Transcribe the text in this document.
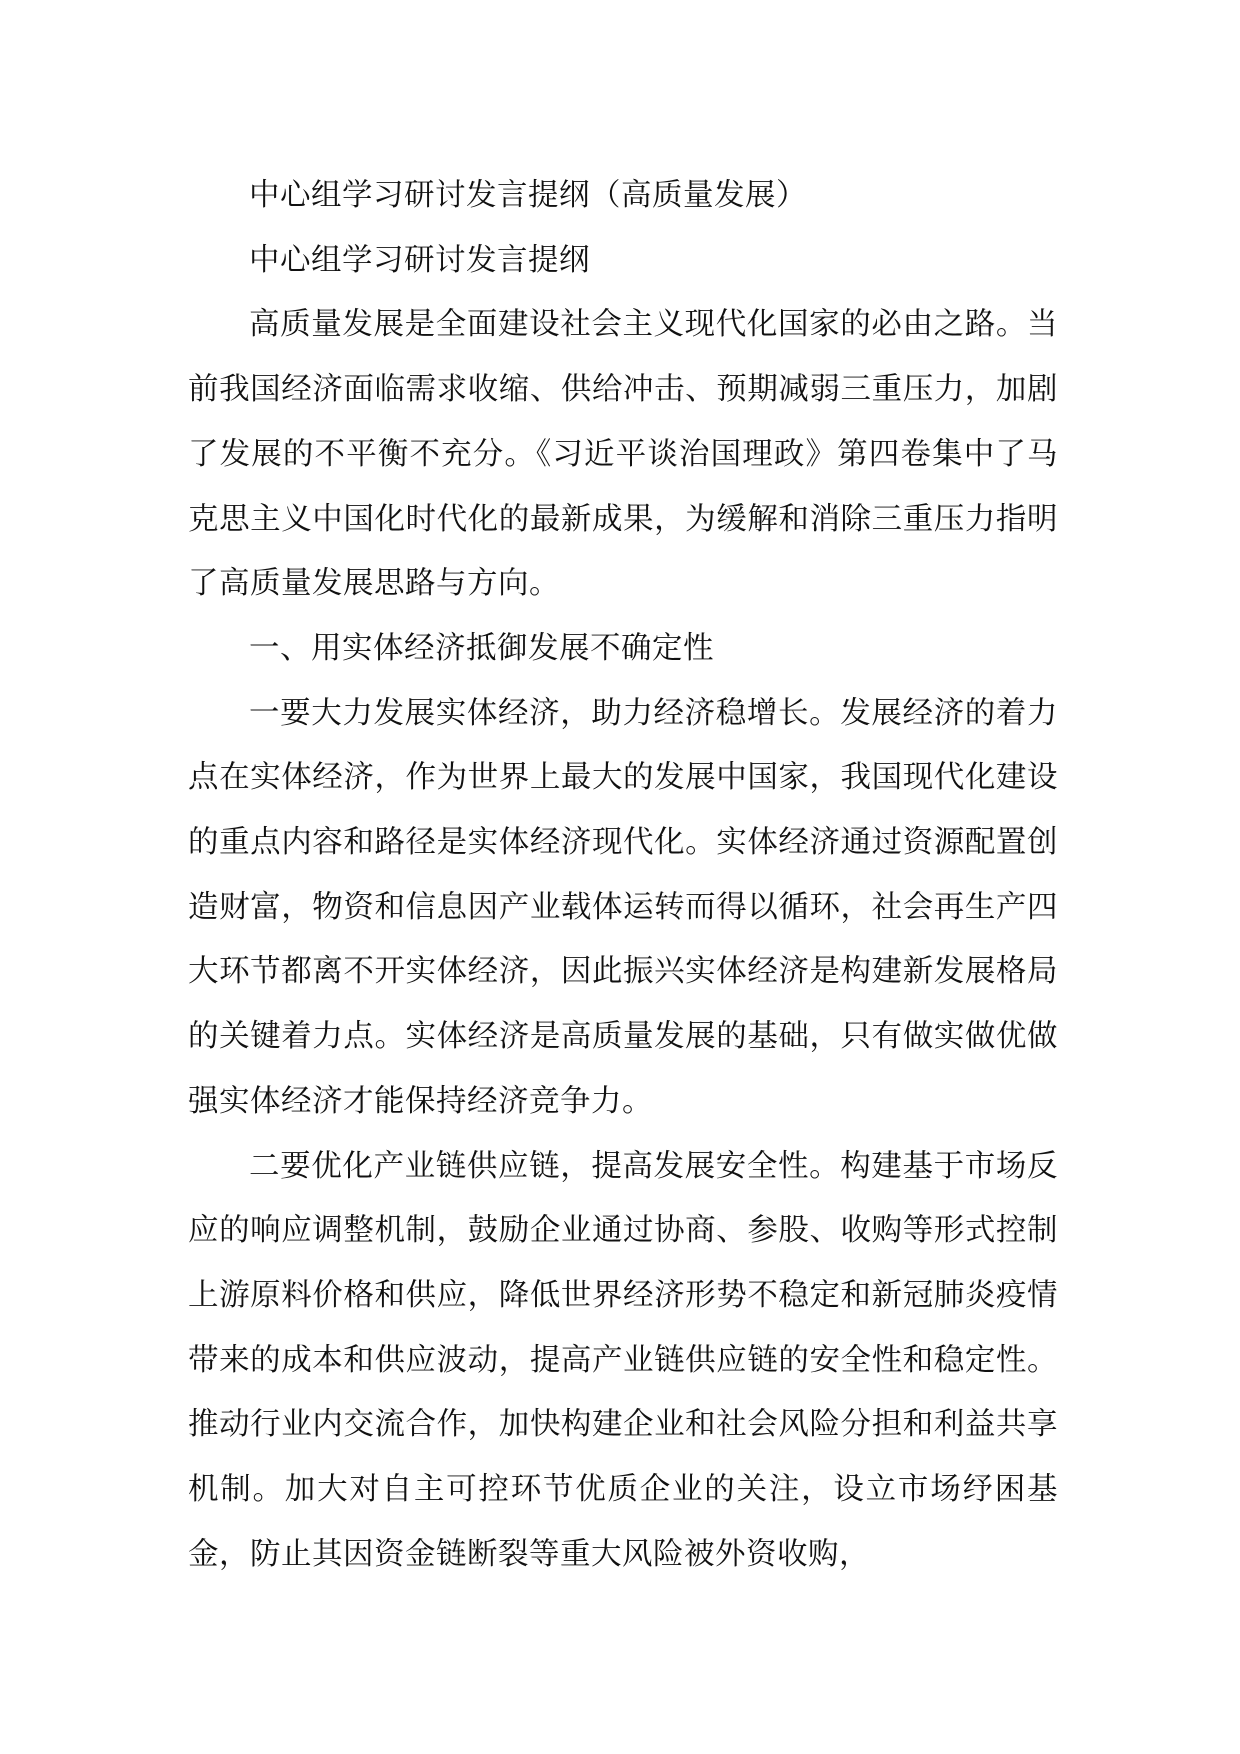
中心组学习研讨发言提纲（高质量发展）

中心组学习研讨发言提纲

高质量发展是全面建设社会主义现代化国家的必由之路。当前我国经济面临需求收缩、供给冲击、预期减弱三重压力，加剧了发展的不平衡不充分。《习近平谈治国理政》第四卷集中了马克思主义中国化时代化的最新成果，为缓解和消除三重压力指明了高质量发展思路与方向。

一、用实体经济抵御发展不确定性

一要大力发展实体经济，助力经济稳增长。发展经济的着力点在实体经济，作为世界上最大的发展中国家，我国现代化建设的重点内容和路径是实体经济现代化。实体经济通过资源配置创造财富，物资和信息因产业载体运转而得以循环，社会再生产四大环节都离不开实体经济，因此振兴实体经济是构建新发展格局的关键着力点。实体经济是高质量发展的基础，只有做实做优做强实体经济才能保持经济竞争力。

二要优化产业链供应链，提高发展安全性。构建基于市场反应的响应调整机制，鼓励企业通过协商、参股、收购等形式控制上游原料价格和供应，降低世界经济形势不稳定和新冠肺炎疫情带来的成本和供应波动，提高产业链供应链的安全性和稳定性。推动行业内交流合作，加快构建企业和社会风险分担和利益共享机制。加大对自主可控环节优质企业的关注，设立市场纾困基金，防止其因资金链断裂等重大风险被外资收购，
